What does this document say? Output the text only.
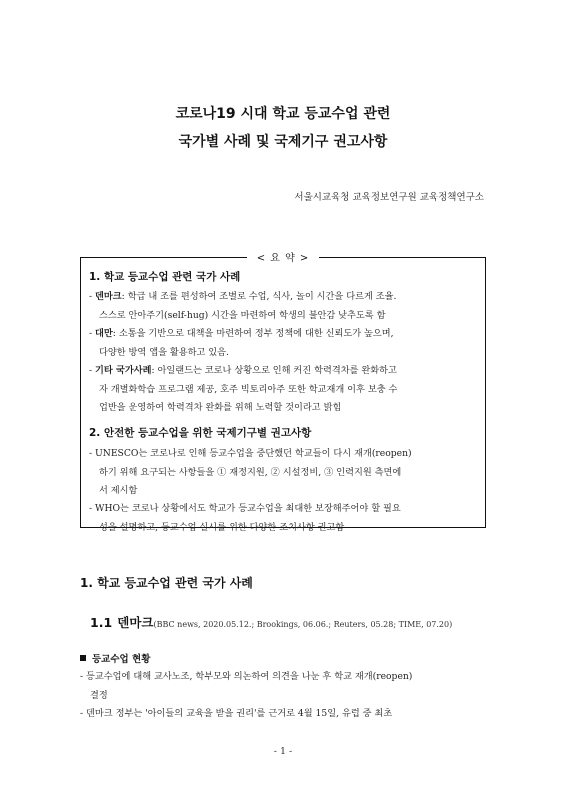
코로나19 시대 학교 등교수업 관련
국가별 사례 및 국제기구 권고사항
서울시교육청 교육정보연구원 교육정책연구소
< 요 약 >
1. 학교 등교수업 관련 국가 사례
- 덴마크: 학급 내 조를 편성하여 조별로 수업, 식사, 놀이 시간을 다르게 조율.
스스로 안아주기(self-hug) 시간을 마련하여 학생의 불안감 낮추도록 함
- 대만: 소통을 기반으로 대책을 마련하여 정부 정책에 대한 신뢰도가 높으며,
다양한 방역 앱을 활용하고 있음.
- 기타 국가사례: 아일랜드는 코로나 상황으로 인해 커진 학력격차를 완화하고
자 개별화학습 프로그램 제공, 호주 빅토리아주 또한 학교재개 이후 보충 수
업반을 운영하여 학력격차 완화를 위해 노력할 것이라고 밝힘
2. 안전한 등교수업을 위한 국제기구별 권고사항
- UNESCO는 코로나로 인해 등교수업을 중단했던 학교들이 다시 재개(reopen)
하기 위해 요구되는 사항들을 ① 재정지원, ② 시설정비, ③ 인력지원 측면에
서 제시함
- WHO는 코로나 상황에서도 학교가 등교수업을 최대한 보장해주어야 할 필요
성을 설명하고, 등교수업 실시를 위한 다양한 조치사항 권고함
1. 학교 등교수업 관련 국가 사례
1.1 덴마크(BBC news, 2020.05.12.; Brookings, 06.06.; Reuters, 05.28; TIME, 07.20)
등교수업 현황
- 등교수업에 대해 교사노조, 학부모와 의논하여 의견을 나눈 후 학교 재개(reopen)
결정
- 덴마크 정부는 '아이들의 교육을 받을 권리'를 근거로 4월 15일, 유럽 중 최초
- 1 -
